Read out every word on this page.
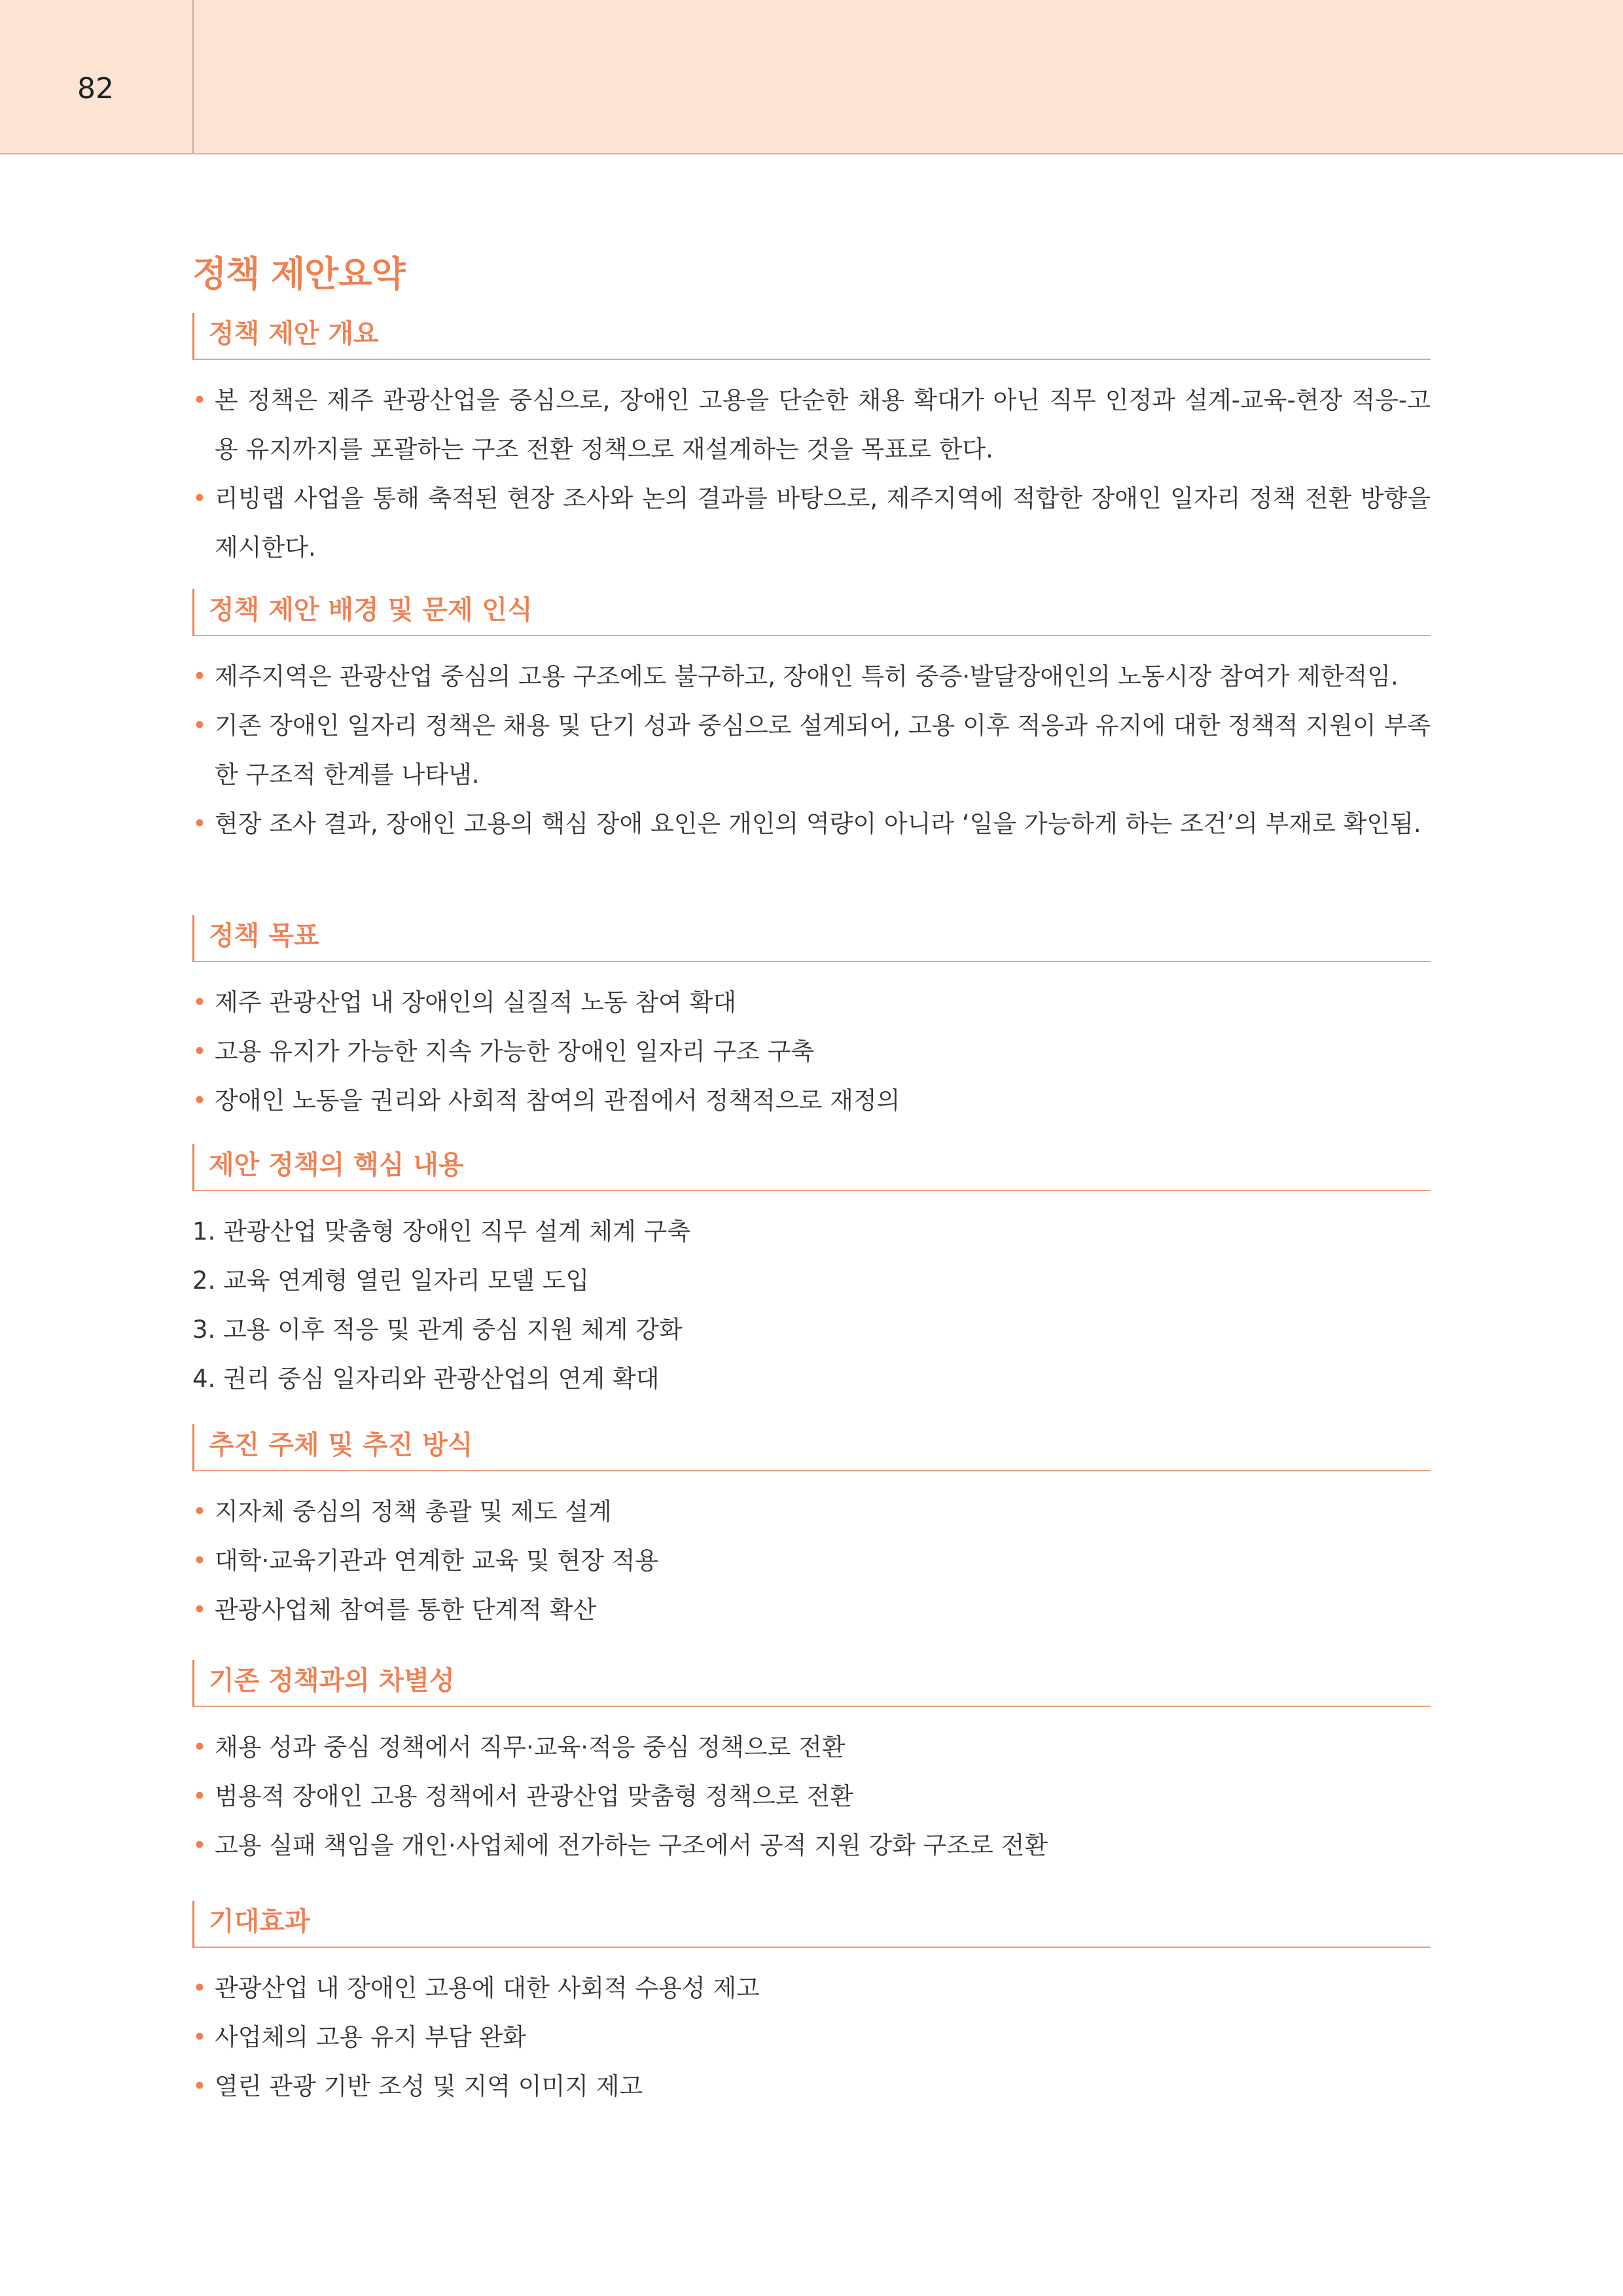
82
정책 제안요약
정책 제안 개요
• 본 정책은 제주 관광산업을 중심으로, 장애인 고용을 단순한 채용 확대가 아닌 직무 인정과 설계-교육-현장 적응-고용 유지까지를 포괄하는 구조 전환 정책으로 재설계하는 것을 목표로 한다.
• 리빙랩 사업을 통해 축적된 현장 조사와 논의 결과를 바탕으로, 제주지역에 적합한 장애인 일자리 정책 전환 방향을 제시한다.
정책 제안 배경 및 문제 인식
• 제주지역은 관광산업 중심의 고용 구조에도 불구하고, 장애인 특히 중증·발달장애인의 노동시장 참여가 제한적임.
• 기존 장애인 일자리 정책은 채용 및 단기 성과 중심으로 설계되어, 고용 이후 적응과 유지에 대한 정책적 지원이 부족한 구조적 한계를 나타냄.
• 현장 조사 결과, 장애인 고용의 핵심 장애 요인은 개인의 역량이 아니라 ‘일을 가능하게 하는 조건’의 부재로 확인됨.
정책 목표
• 제주 관광산업 내 장애인의 실질적 노동 참여 확대
• 고용 유지가 가능한 지속 가능한 장애인 일자리 구조 구축
• 장애인 노동을 권리와 사회적 참여의 관점에서 정책적으로 재정의
제안 정책의 핵심 내용
1. 관광산업 맞춤형 장애인 직무 설계 체계 구축
2. 교육 연계형 열린 일자리 모델 도입
3. 고용 이후 적응 및 관계 중심 지원 체계 강화
4. 권리 중심 일자리와 관광산업의 연계 확대
추진 주체 및 추진 방식
• 지자체 중심의 정책 총괄 및 제도 설계
• 대학·교육기관과 연계한 교육 및 현장 적용
• 관광사업체 참여를 통한 단계적 확산
기존 정책과의 차별성
• 채용 성과 중심 정책에서 직무·교육·적응 중심 정책으로 전환
• 범용적 장애인 고용 정책에서 관광산업 맞춤형 정책으로 전환
• 고용 실패 책임을 개인·사업체에 전가하는 구조에서 공적 지원 강화 구조로 전환
기대효과
• 관광산업 내 장애인 고용에 대한 사회적 수용성 제고
• 사업체의 고용 유지 부담 완화
• 열린 관광 기반 조성 및 지역 이미지 제고
